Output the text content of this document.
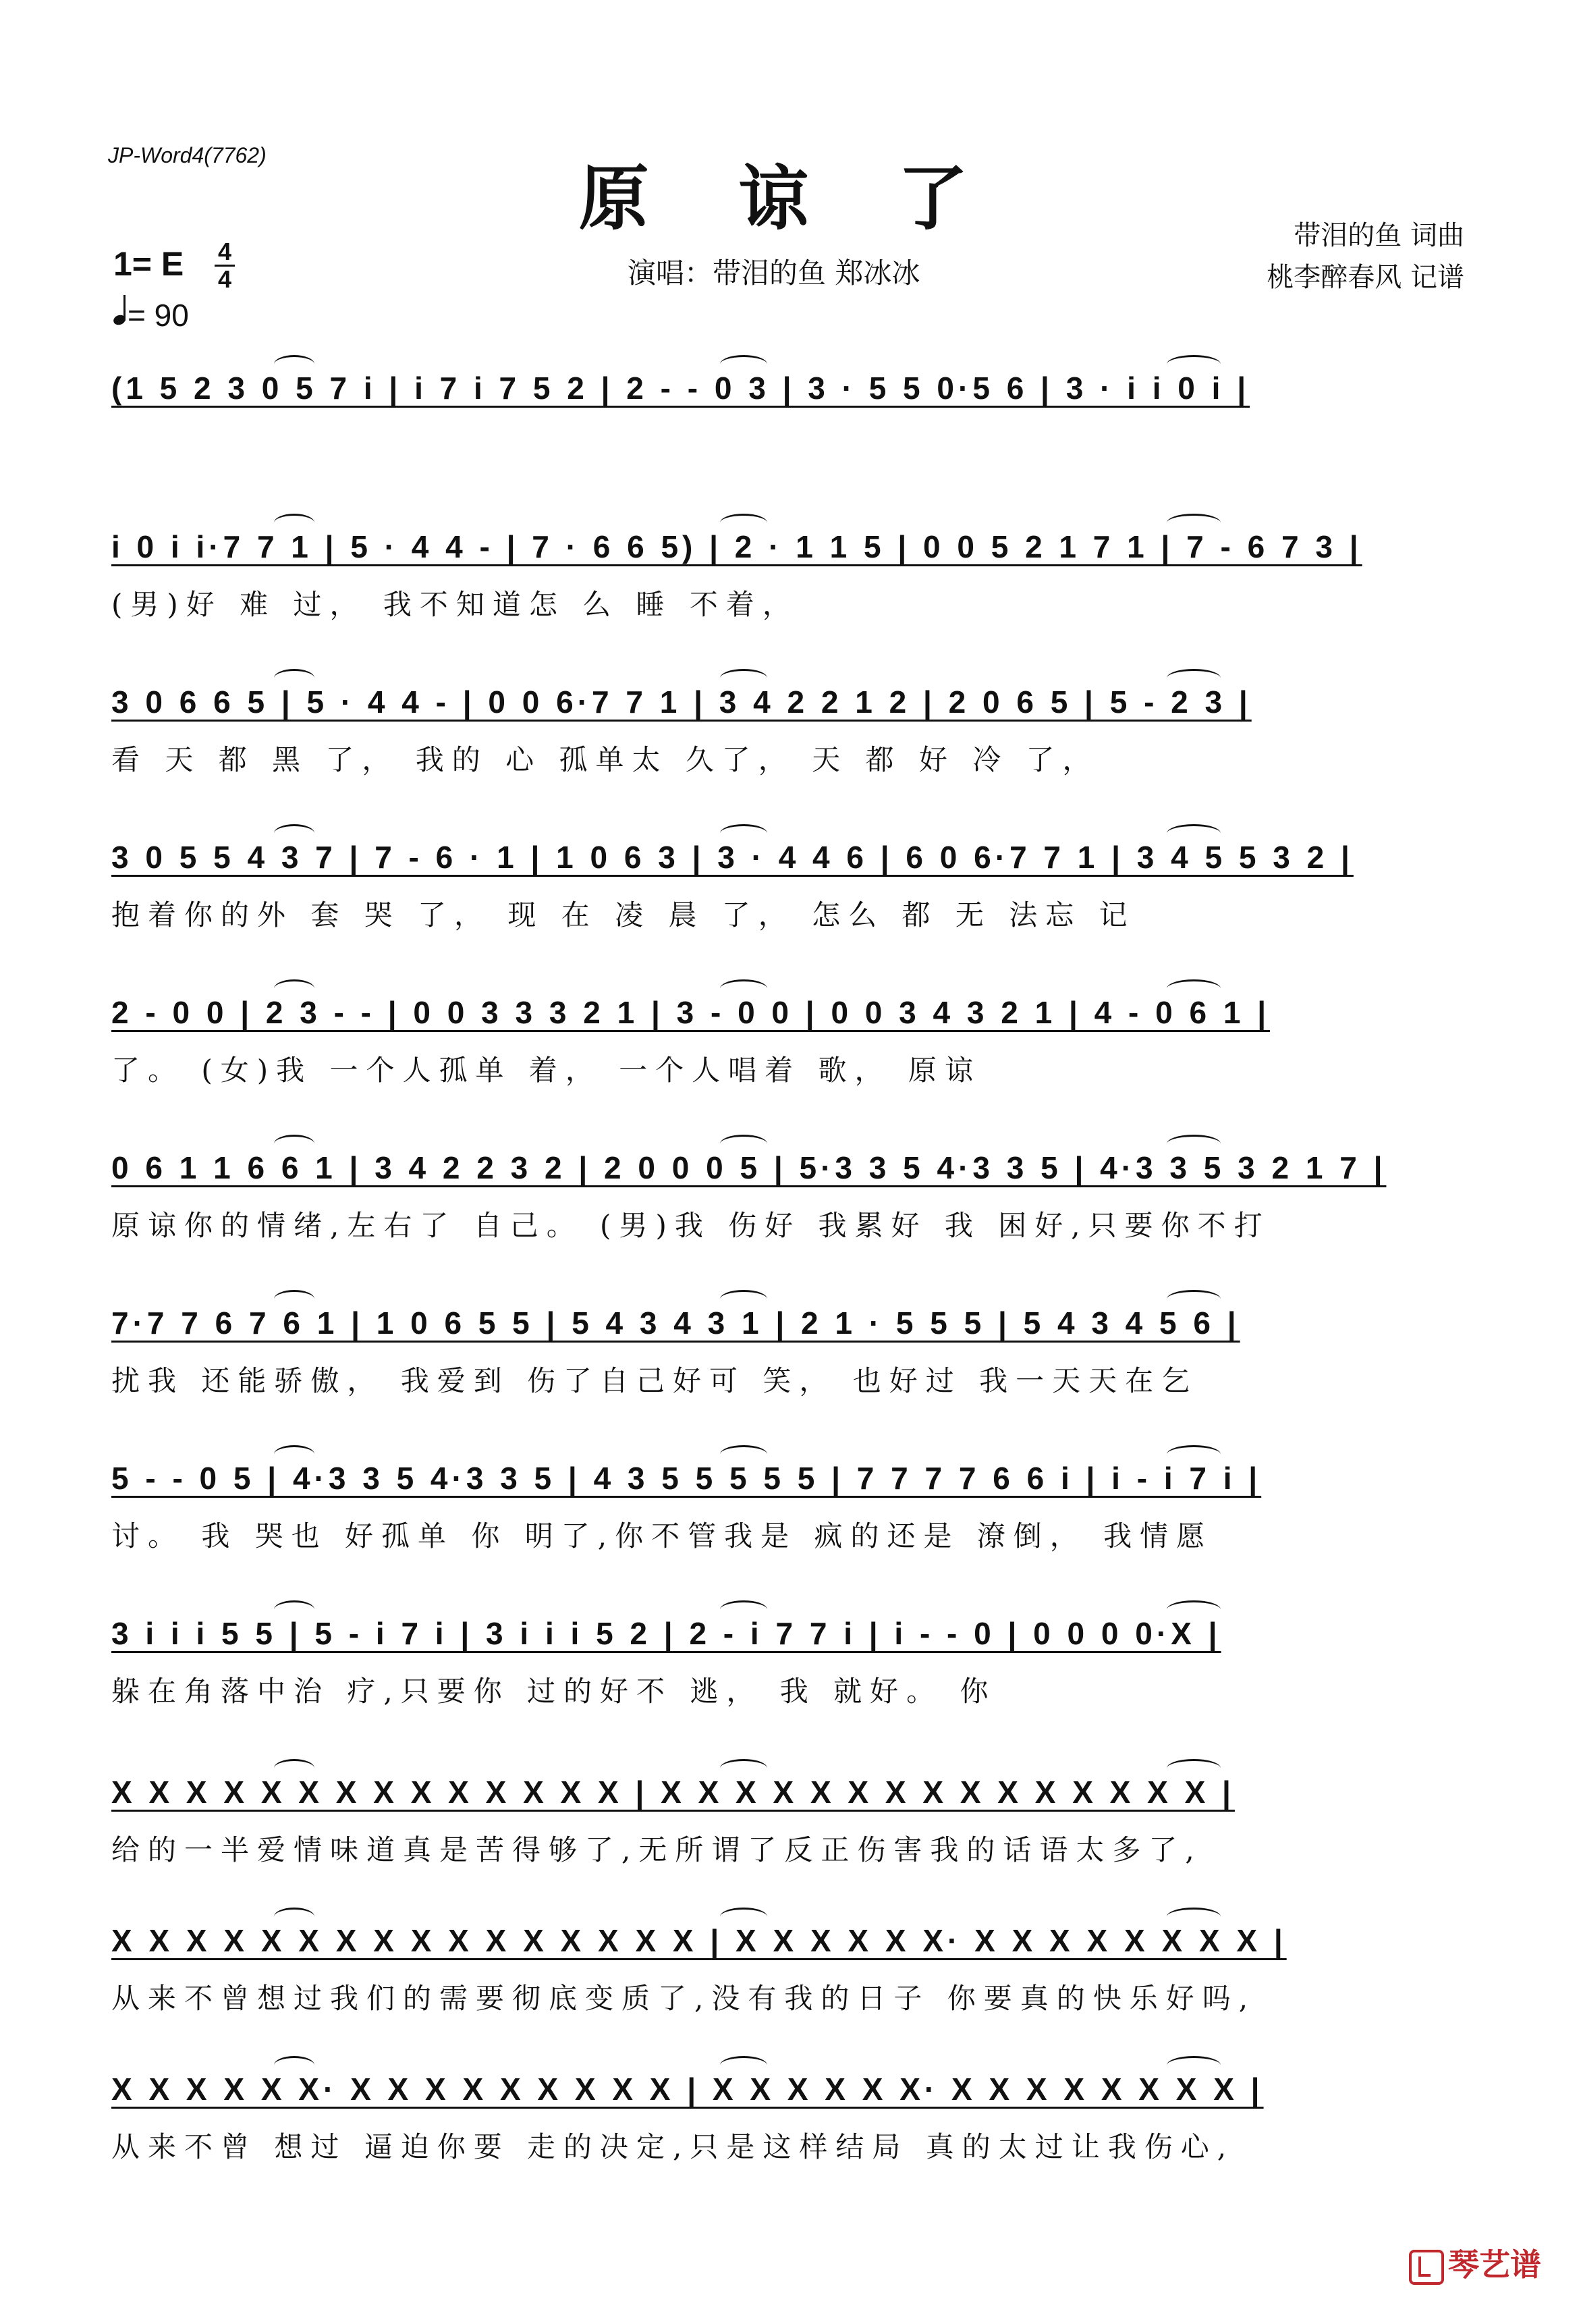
JP-Word4(7762)
原 谅 了
1= E 4
4
= 90
演唱：带泪的鱼 郑冰冰
带泪的鱼 词曲
桃李醉春风 记谱
(1 5 2 3 0 5 7 i | i 7 i 7 5 2 | 2 - - 0 3 | 3 · 5 5 0·5 6 | 3 · i i 0 i |
i 0 i i·7 7 1 | 5 · 4 4 - | 7 · 6 6 5) | 2 · 1 1 5 | 0 0 5 2 1 7 1 | 7 - 6 7 3 |
(男)好 难 过， 我不知道怎 么 睡 不着，
3 0 6 6 5 | 5 · 4 4 - | 0 0 6·7 7 1 | 3 4 2 2 1 2 | 2 0 6 5 | 5 - 2 3 |
看 天 都 黑 了， 我的 心 孤单太 久了， 天 都 好 冷 了，
3 0 5 5 4 3 7 | 7 - 6 · 1 | 1 0 6 3 | 3 · 4 4 6 | 6 0 6·7 7 1 | 3 4 5 5 3 2 |
抱着你的外 套 哭 了， 现 在 凌 晨 了， 怎么 都 无 法忘 记
2 - 0 0 | 2 3 - - | 0 0 3 3 3 2 1 | 3 - 0 0 | 0 0 3 4 3 2 1 | 4 - 0 6 1 |
了。 (女)我 一个人孤单 着， 一个人唱着 歌， 原谅
0 6 1 1 6 6 1 | 3 4 2 2 3 2 | 2 0 0 0 5 | 5·3 3 5 4·3 3 5 | 4·3 3 5 3 2 1 7 |
原谅你的情绪,左右了 自己。 (男)我 伤好 我累好 我 困好,只要你不打
7·7 7 6 7 6 1 | 1 0 6 5 5 | 5 4 3 4 3 1 | 2 1 · 5 5 5 | 5 4 3 4 5 6 |
扰我 还能骄傲， 我爱到 伤了自己好可 笑， 也好过 我一天天在乞
5 - - 0 5 | 4·3 3 5 4·3 3 5 | 4 3 5 5 5 5 5 | 7 7 7 7 6 6 i | i - i 7 i |
讨。 我 哭也 好孤单 你 明了,你不管我是 疯的还是 潦倒， 我情愿
3 i i i 5 5 | 5 - i 7 i | 3 i i i 5 2 | 2 - i 7 7 i | i - - 0 | 0 0 0 0·X |
躲在角落中治 疗,只要你 过的好不 逃， 我 就好。 你
X X X X X X X X X X X X X X | X X X X X X X X X X X X X X X |
给的一半爱情味道真是苦得够了,无所谓了反正伤害我的话语太多了,
X X X X X X X X X X X X X X X X | X X X X X X· X X X X X X X X |
从来不曾想过我们的需要彻底变质了,没有我的日子 你要真的快乐好吗,
X X X X X X· X X X X X X X X X | X X X X X X· X X X X X X X X |
从来不曾 想过 逼迫你要 走的决定,只是这样结局 真的太过让我伤心,
琴艺谱
